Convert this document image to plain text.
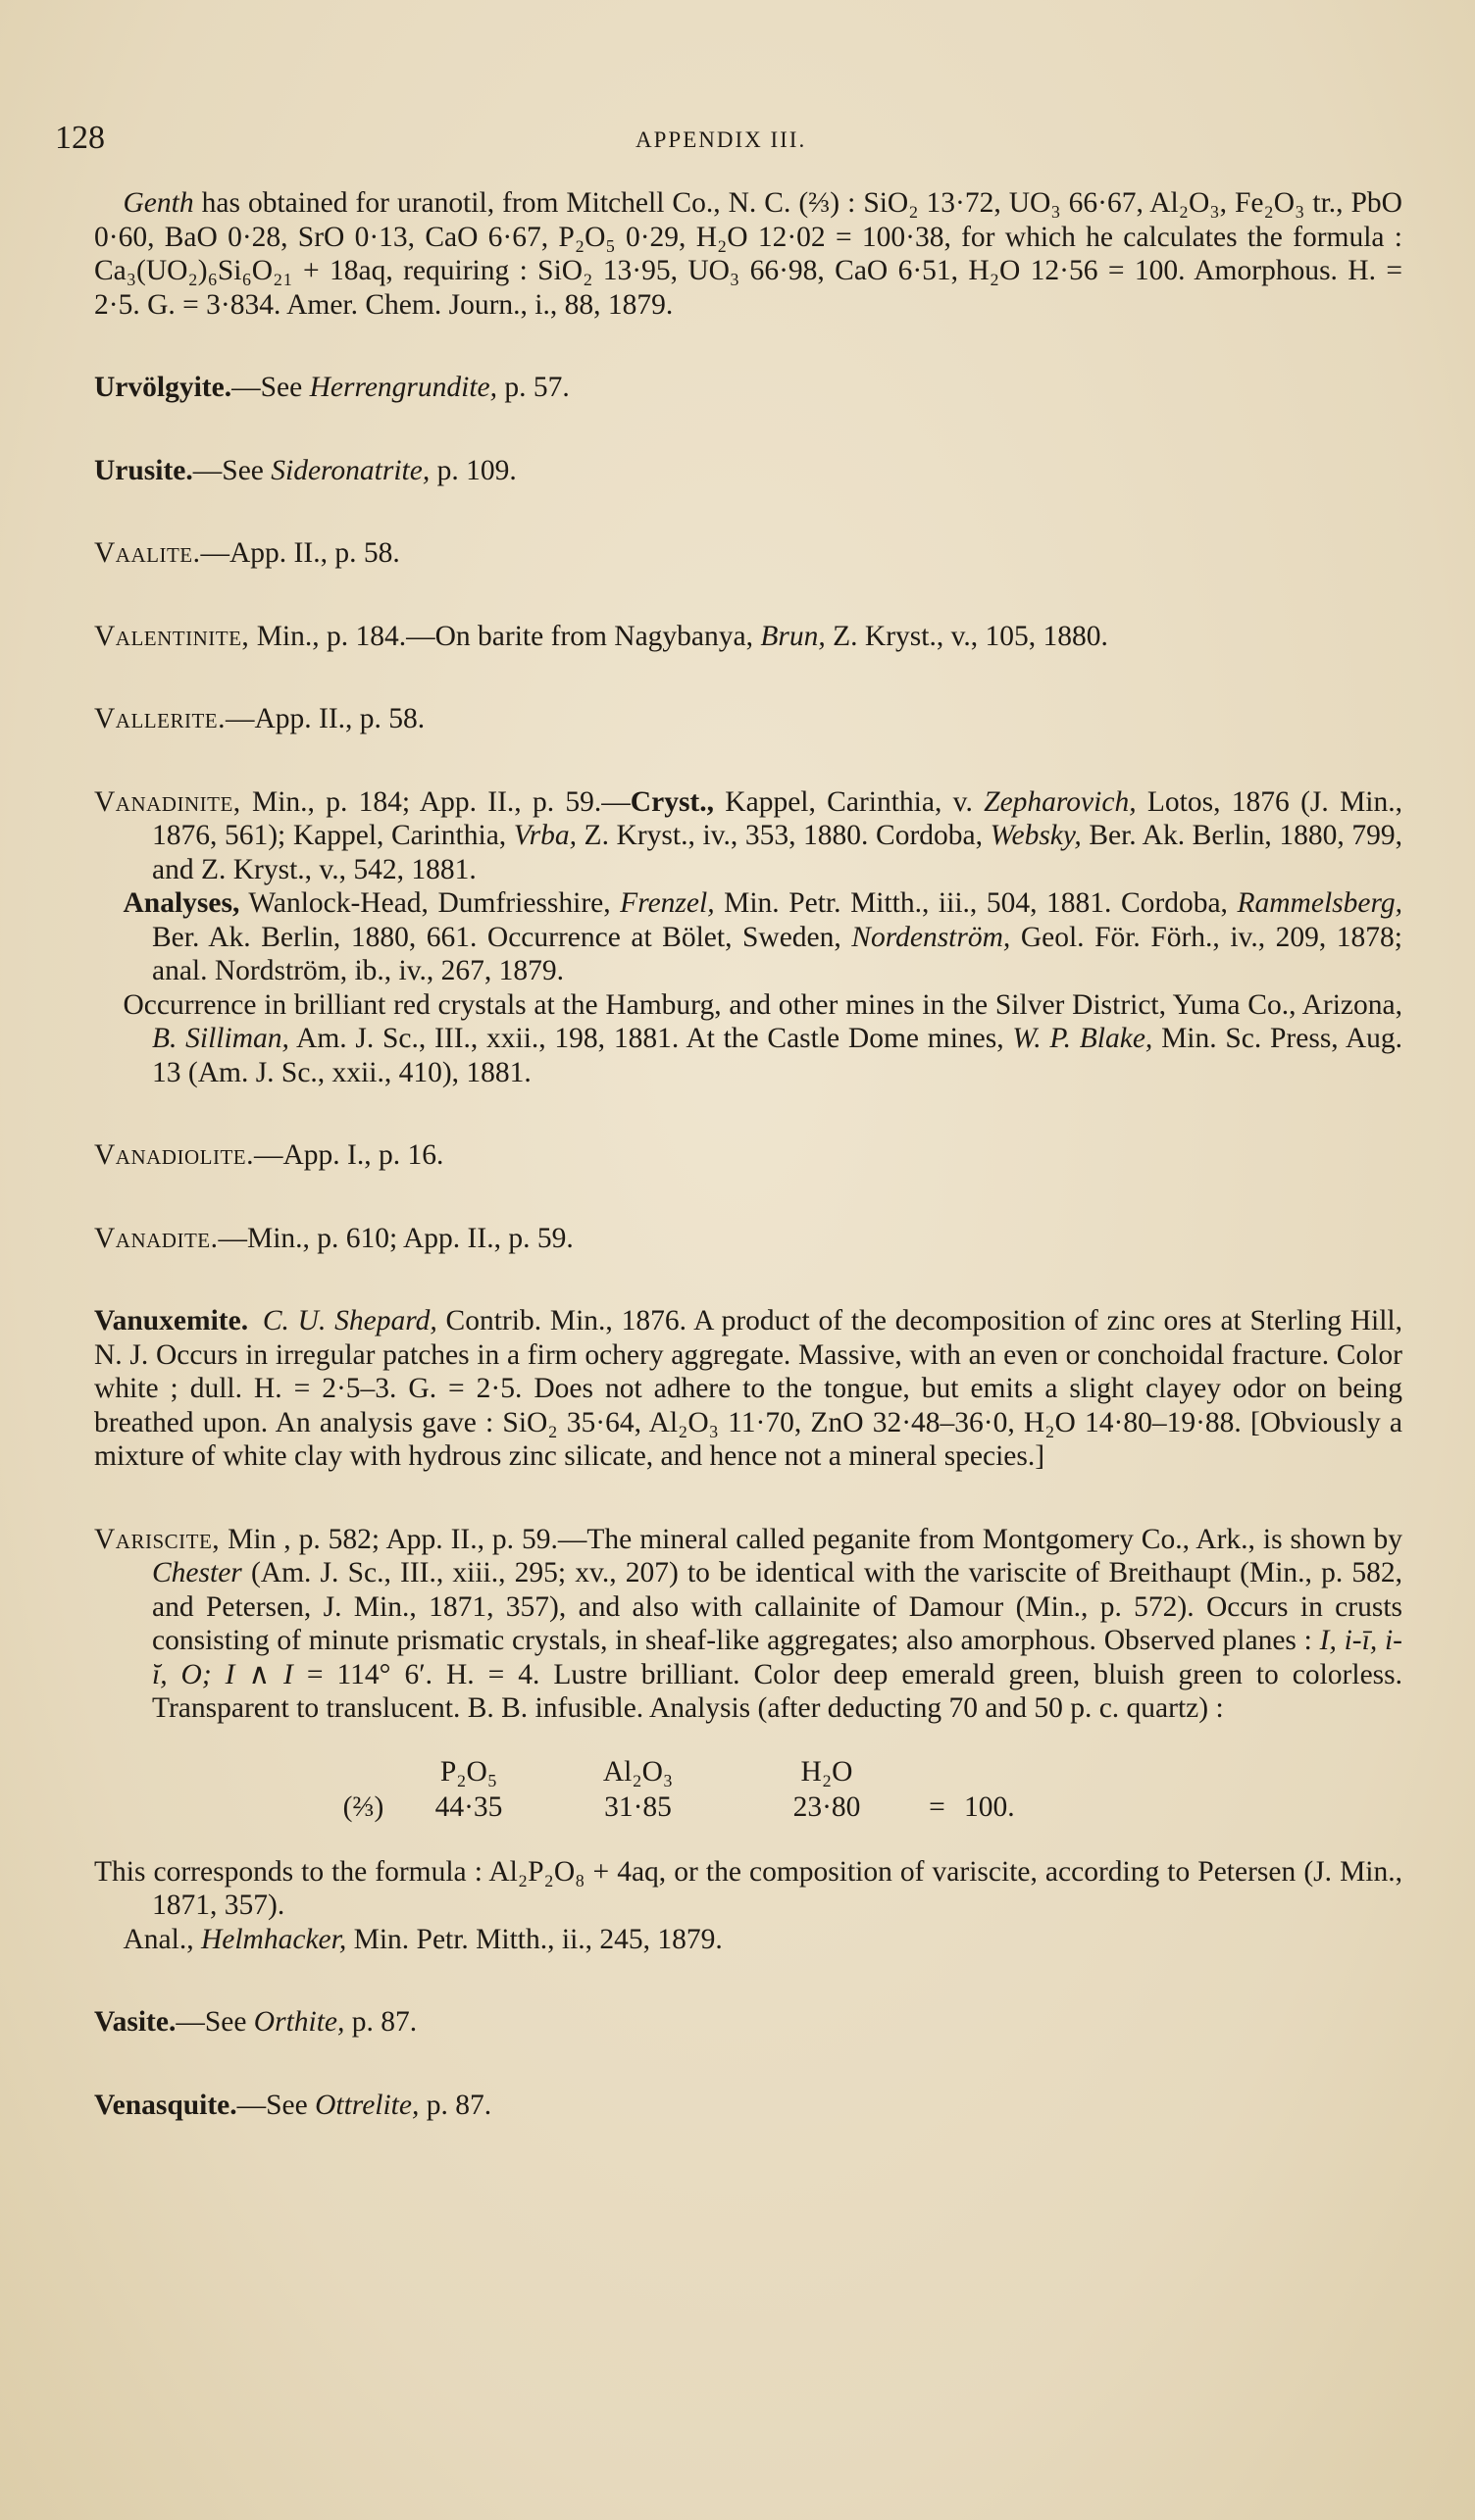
128	APPENDIX III.

Genth has obtained for uranotil, from Mitchell Co., N. C. (⅔) : SiO₂ 13·72, UO₃ 66·67, Al₂O₃, Fe₂O₃ tr., PbO 0·60, BaO 0·28, SrO 0·13, CaO 6·67, P₂O₅ 0·29, H₂O 12·02 = 100·38, for which he calculates the formula : Ca₃(UO₂)₆Si₆O₂₁ + 18aq, requiring : SiO₂ 13·95, UO₃ 66·98, CaO 6·51, H₂O 12·56 = 100. Amorphous. H. = 2·5. G. = 3·834. Amer. Chem. Journ., i., 88, 1879.

Urvölgyite.—See Herrengrundite, p. 57.

Urusite.—See Sideronatrite, p. 109.

Vaalite.—App. II., p. 58.

Valentinite, Min., p. 184.—On barite from Nagybanya, Brun, Z. Kryst., v., 105, 1880.

Vallerite.—App. II., p. 58.

Vanadinite, Min., p. 184; App. II., p. 59.—Cryst., Kappel, Carinthia, v. Zepharovich, Lotos, 1876 (J. Min., 1876, 561); Kappel, Carinthia, Vrba, Z. Kryst., iv., 353, 1880. Cordoba, Websky, Ber. Ak. Berlin, 1880, 799, and Z. Kryst., v., 542, 1881.

 Analyses, Wanlock-Head, Dumfriesshire, Frenzel, Min. Petr. Mitth., iii., 504, 1881. Cordoba, Rammelsberg, Ber. Ak. Berlin, 1880, 661. Occurrence at Bölet, Sweden, Nordenström, Geol. För. Förh., iv., 209, 1878; anal. Nordström, ib., iv., 267, 1879.

 Occurrence in brilliant red crystals at the Hamburg, and other mines in the Silver District, Yuma Co., Arizona, B. Silliman, Am. J. Sc., III., xxii., 198, 1881. At the Castle Dome mines, W. P. Blake, Min. Sc. Press, Aug. 13 (Am. J. Sc., xxii., 410), 1881.

Vanadiolite.—App. I., p. 16.

Vanadite.—Min., p. 610; App. II., p. 59.

Vanuxemite.  C. U. Shepard, Contrib. Min., 1876. A product of the decomposition of zinc ores at Sterling Hill, N. J. Occurs in irregular patches in a firm ochery aggregate. Massive, with an even or conchoidal fracture. Color white ; dull. H. = 2·5–3. G. = 2·5. Does not adhere to the tongue, but emits a slight clayey odor on being breathed upon. An analysis gave : SiO₂ 35·64, Al₂O₃ 11·70, ZnO 32·48–36·0, H₂O 14·80–19·88. [Obviously a mixture of white clay with hydrous zinc silicate, and hence not a mineral species.]

Variscite, Min , p. 582; App. II., p. 59.—The mineral called peganite from Montgomery Co., Ark., is shown by Chester (Am. J. Sc., III., xiii., 295; xv., 207) to be identical with the variscite of Breithaupt (Min., p. 582, and Petersen, J. Min., 1871, 357), and also with callainite of Damour (Min., p. 572). Occurs in crusts consisting of minute prismatic crystals, in sheaf-like aggregates; also amorphous. Observed planes : I, i-ī, i-ĭ, O; I ∧ I = 114° 6′. H. = 4. Lustre brilliant. Color deep emerald green, bluish green to colorless. Transparent to translucent. B. B. infusible. Analysis (after deducting 70 and 50 p. c. quartz) :

	P₂O₅	Al₂O₃	H₂O		
(⅔)	44·35	31·85	23·80	=	100.

This corresponds to the formula : Al₂P₂O₈ + 4aq, or the composition of variscite, according to Petersen (J. Min., 1871, 357).

 Anal., Helmhacker, Min. Petr. Mitth., ii., 245, 1879.

Vasite.—See Orthite, p. 87.

Venasquite.—See Ottrelite, p. 87.
